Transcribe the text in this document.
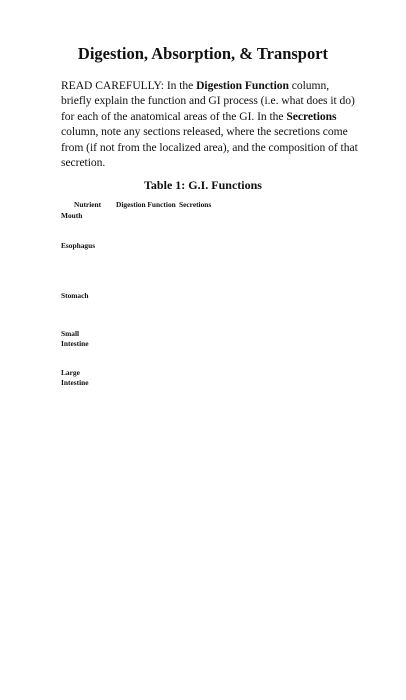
Digestion, Absorption, & Transport

READ CAREFULLY: In the Digestion Function column, briefly explain the function and GI process (i.e. what does it do) for each of the anatomical areas of the GI. In the Secretions column, note any sections released, where the secretions come from (if not from the localized area), and the composition of that secretion.

Table 1: G.I. Functions
Nutrient Digestion Function Secretions
Mouth
Esophagus
Stomach
Small Intestine
Large Intestine
